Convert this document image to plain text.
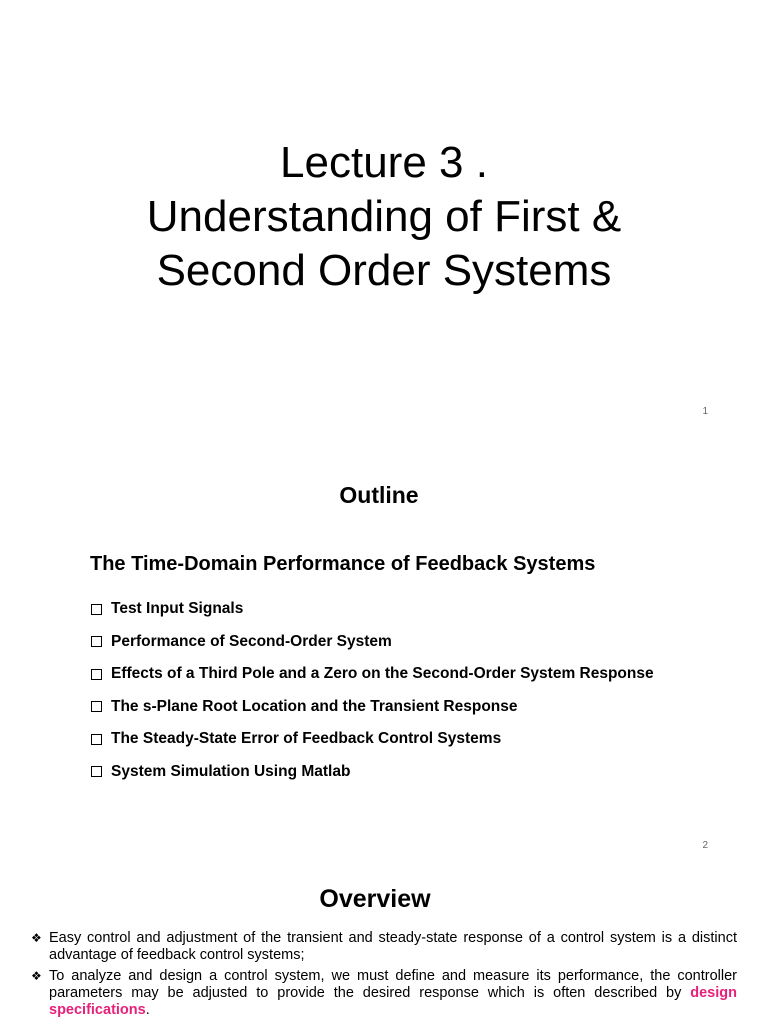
Lecture 3 .
Understanding of First &
Second Order Systems
1
Outline
The Time-Domain Performance of Feedback Systems
Test Input Signals
Performance of Second-Order System
Effects of a Third Pole and a Zero on the Second-Order System Response
The s-Plane Root Location and the Transient Response
The Steady-State Error of Feedback Control Systems
System Simulation Using Matlab
2
Overview
❖ Easy control and adjustment of the transient and steady-state response of a control system is a distinct advantage of feedback control systems;
❖ To analyze and design a control system, we must define and measure its performance, the controller parameters may be adjusted to provide the desired response which is often described by design specifications.
